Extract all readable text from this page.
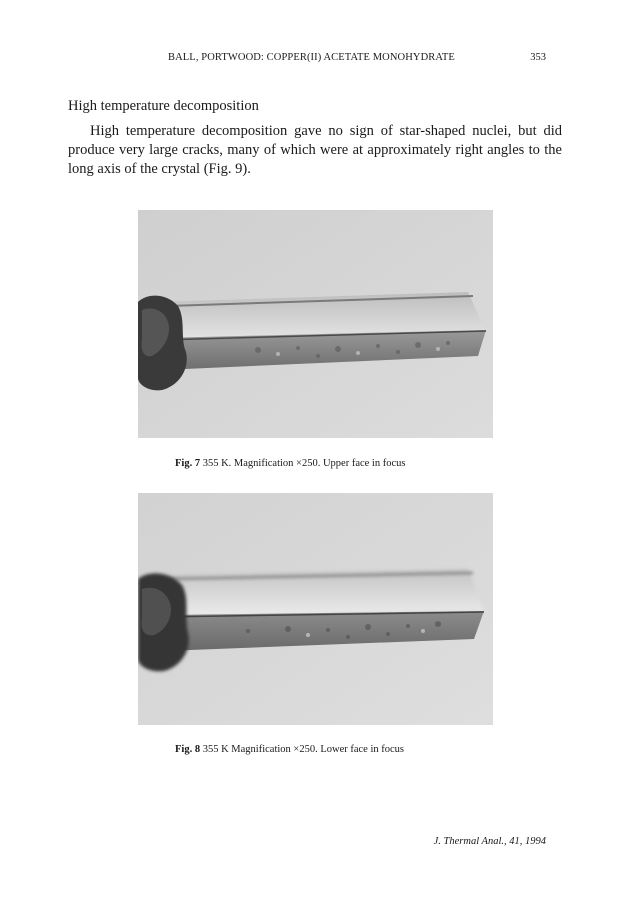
BALL, PORTWOOD: COPPER(II) ACETATE MONOHYDRATE	353
High temperature decomposition

High temperature decomposition gave no sign of star-shaped nuclei, but did produce very large cracks, many of which were at approximately right angles to the long axis of the crystal (Fig. 9).

Fig. 7 355 K. Magnification ×250. Upper face in focus
Fig. 8 355 K Magnification ×250. Lower face in focus
J. Thermal Anal., 41, 1994
